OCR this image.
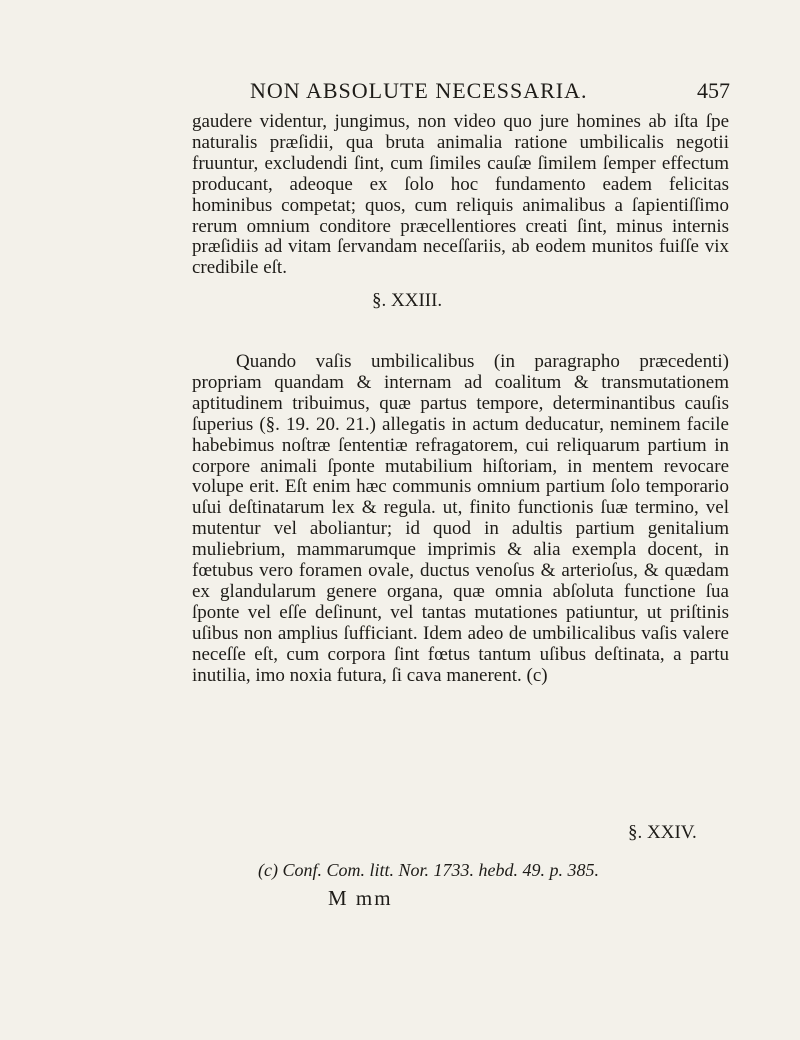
NON ABSOLUTE NECESSARIA.	457

gaudere videntur, jungimus, non video quo jure homines ab iſta ſpe naturalis præſidii, qua bruta animalia ratione umbilicalis negotii fruuntur, excludendi ſint, cum ſimiles cauſæ ſimilem ſemper effectum producant, adeoque ex ſolo hoc fundamento eadem felicitas hominibus competat; quos, cum reliquis animalibus a ſapientiſſimo rerum omnium conditore præcellentiores creati ſint, minus internis præſidiis ad vitam ſervandam neceſſariis, ab eodem munitos fuiſſe vix credibile eſt.

§. XXIII.

Quando vaſis umbilicalibus (in paragrapho præcedenti) propriam quandam & internam ad coalitum & transmutationem aptitudinem tribuimus, quæ partus tempore, determinantibus cauſis ſuperius (§. 19. 20. 21.) allegatis in actum deducatur, neminem facile habebimus noſtræ ſententiæ refragatorem, cui reliquarum partium in corpore animali ſponte mutabilium hiſtoriam, in mentem revocare volupe erit. Eſt enim hæc communis omnium partium ſolo temporario uſui deſtinatarum lex & regula. ut, finito functionis ſuæ termino, vel mutentur vel aboliantur; id quod in adultis partium genitalium muliebrium, mammarumque imprimis & alia exempla docent, in fœtubus vero foramen ovale, ductus venoſus & arterioſus, & quædam ex glandularum genere organa, quæ omnia abſoluta functione ſua ſponte vel eſſe deſinunt, vel tantas mutationes patiuntur, ut priſtinis uſibus non amplius ſufficiant. Idem adeo de umbilicalibus vaſis valere neceſſe eſt, cum corpora ſint fœtus tantum uſibus deſtinata, a partu inutilia, imo noxia futura, ſi cava manerent. (c)

§. XXIV.

(c) Conf. Com. litt. Nor. 1733. hebd. 49. p. 385.

M mm
